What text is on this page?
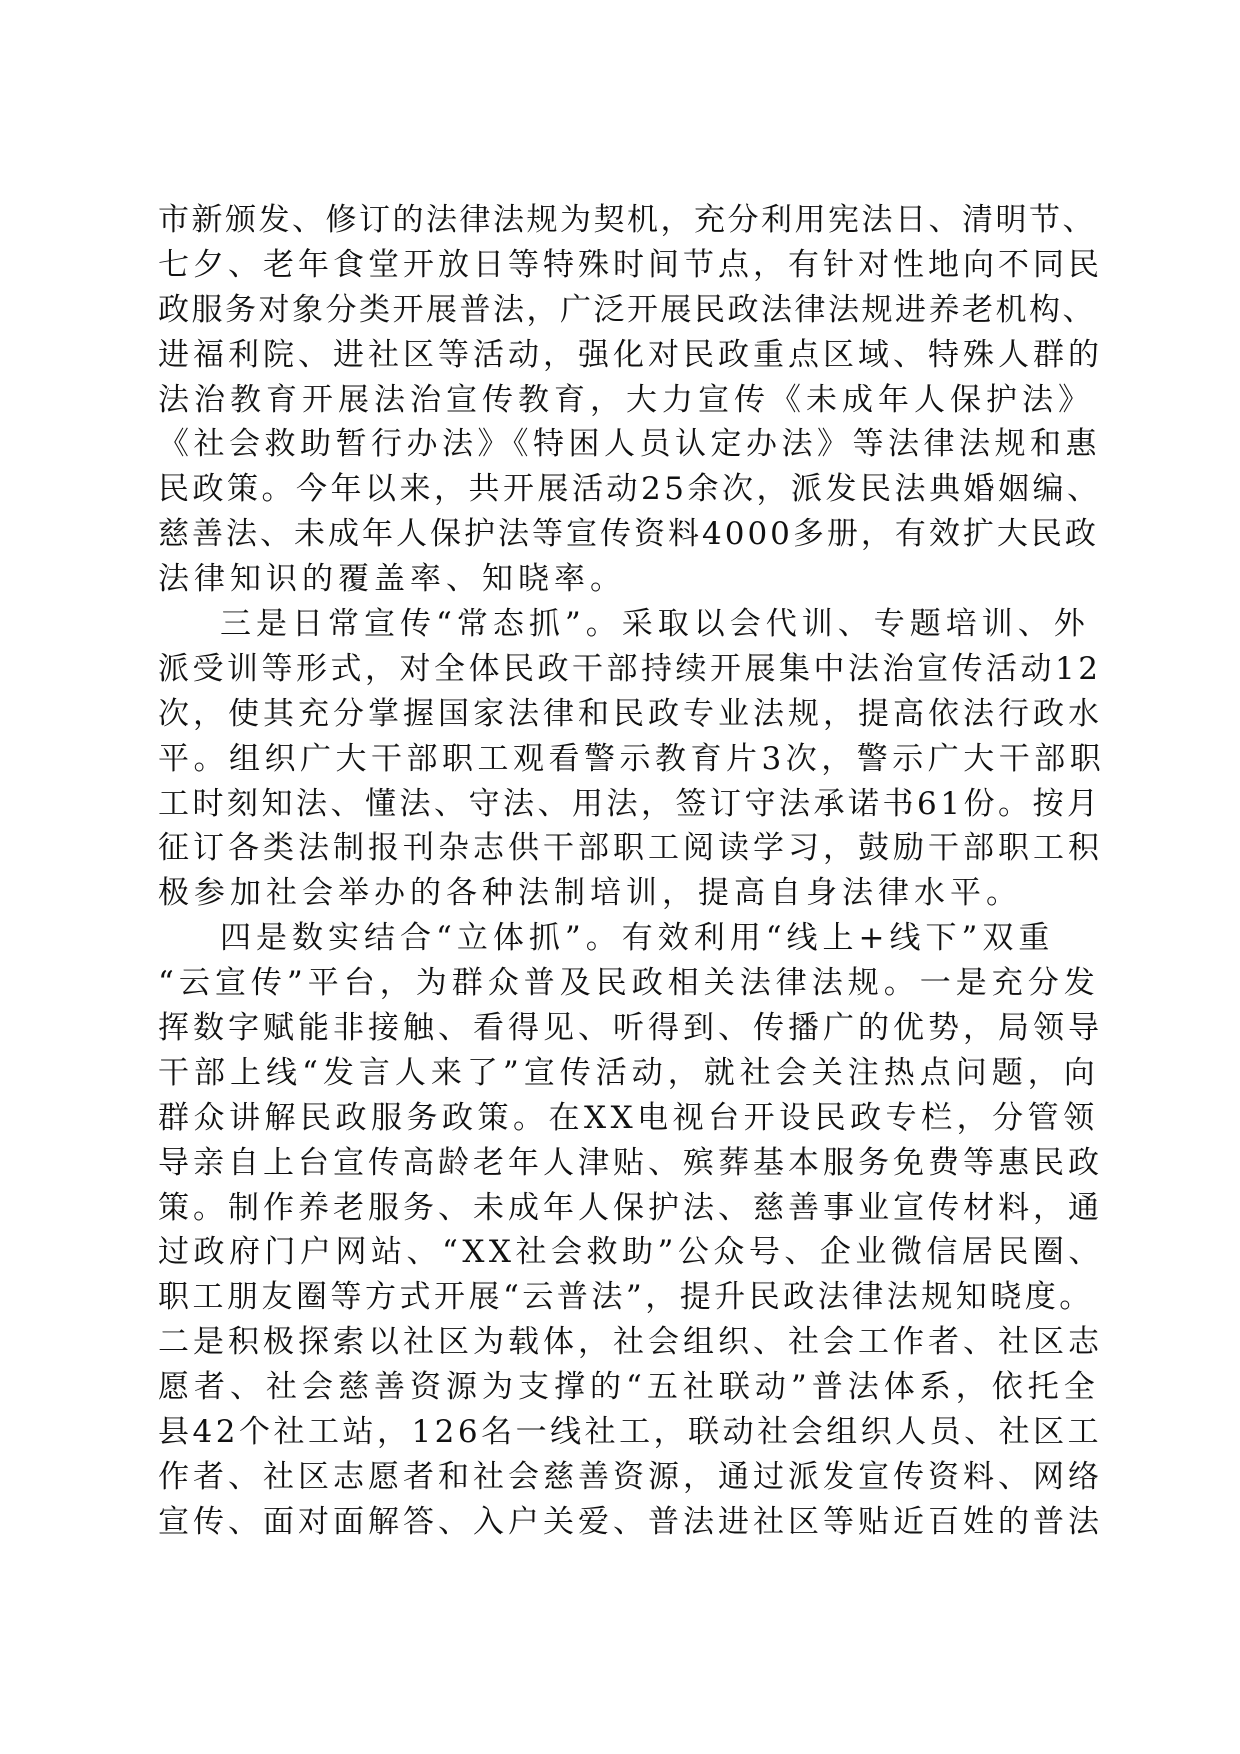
市新颁发、修订的法律法规为契机，充分利用宪法日、清明节、
七夕、老年食堂开放日等特殊时间节点，有针对性地向不同民
政服务对象分类开展普法，广泛开展民政法律法规进养老机构、
进福利院、进社区等活动，强化对民政重点区域、特殊人群的
法治教育开展法治宣传教育，大力宣传《未成年人保护法》
《社会救助暂行办法》《特困人员认定办法》等法律法规和惠
民政策。今年以来，共开展活动25余次，派发民法典婚姻编、
慈善法、未成年人保护法等宣传资料4000多册，有效扩大民政
法律知识的覆盖率、知晓率。
三是日常宣传“常态抓”。采取以会代训、专题培训、外
派受训等形式，对全体民政干部持续开展集中法治宣传活动12
次，使其充分掌握国家法律和民政专业法规，提高依法行政水
平。组织广大干部职工观看警示教育片3次，警示广大干部职
工时刻知法、懂法、守法、用法，签订守法承诺书61份。按月
征订各类法制报刊杂志供干部职工阅读学习，鼓励干部职工积
极参加社会举办的各种法制培训，提高自身法律水平。
四是数实结合“立体抓”。有效利用“线上+线下”双重
“云宣传”平台，为群众普及民政相关法律法规。一是充分发
挥数字赋能非接触、看得见、听得到、传播广的优势，局领导
干部上线“发言人来了”宣传活动，就社会关注热点问题，向
群众讲解民政服务政策。在XX电视台开设民政专栏，分管领
导亲自上台宣传高龄老年人津贴、殡葬基本服务免费等惠民政
策。制作养老服务、未成年人保护法、慈善事业宣传材料，通
过政府门户网站、“XX社会救助”公众号、企业微信居民圈、
职工朋友圈等方式开展“云普法”，提升民政法律法规知晓度。
二是积极探索以社区为载体，社会组织、社会工作者、社区志
愿者、社会慈善资源为支撑的“五社联动”普法体系，依托全
县42个社工站，126名一线社工，联动社会组织人员、社区工
作者、社区志愿者和社会慈善资源，通过派发宣传资料、网络
宣传、面对面解答、入户关爱、普法进社区等贴近百姓的普法
